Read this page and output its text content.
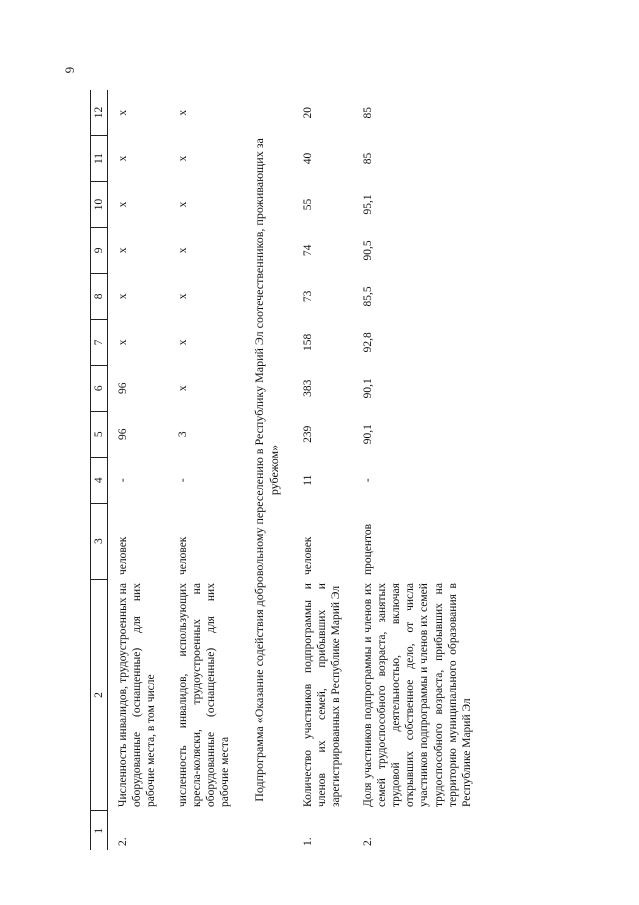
6
1	2	3	4	5	6	7	8	9	10	11	12
2.	Численность инвалидов, трудоустроенных на оборудованные (оснащенные) для них рабочие места, в том числе	человек	-	96	96	х	х	х	х	х	х
	численность инвалидов, использующих кресла-коляски, трудоустроенных на оборудованные (оснащенные) для них рабочие места	человек	-	3	х	х	х	х	х	х	х
Подпрограмма «Оказание содействия добровольному переселению в Республику Марий Эл соотечественников, проживающих за рубежом»											
1.	Количество участников подпрограммы и членов их семей, прибывших и зарегистрированных в Республике Марий Эл	человек	11	239	383	158	73	74	55	40	20
2.	Доля участников подпрограммы и членов их семей трудоспособного возраста, занятых трудовой деятельностью, включая открывших собственное дело, от числа участников подпрограммы и членов их семей трудоспособного возраста, прибывших на территорию муниципального образования в Республике Марий Эл	процентов	-	90,1	90,1	92,8	85,5	90,5	95,1	85	85
